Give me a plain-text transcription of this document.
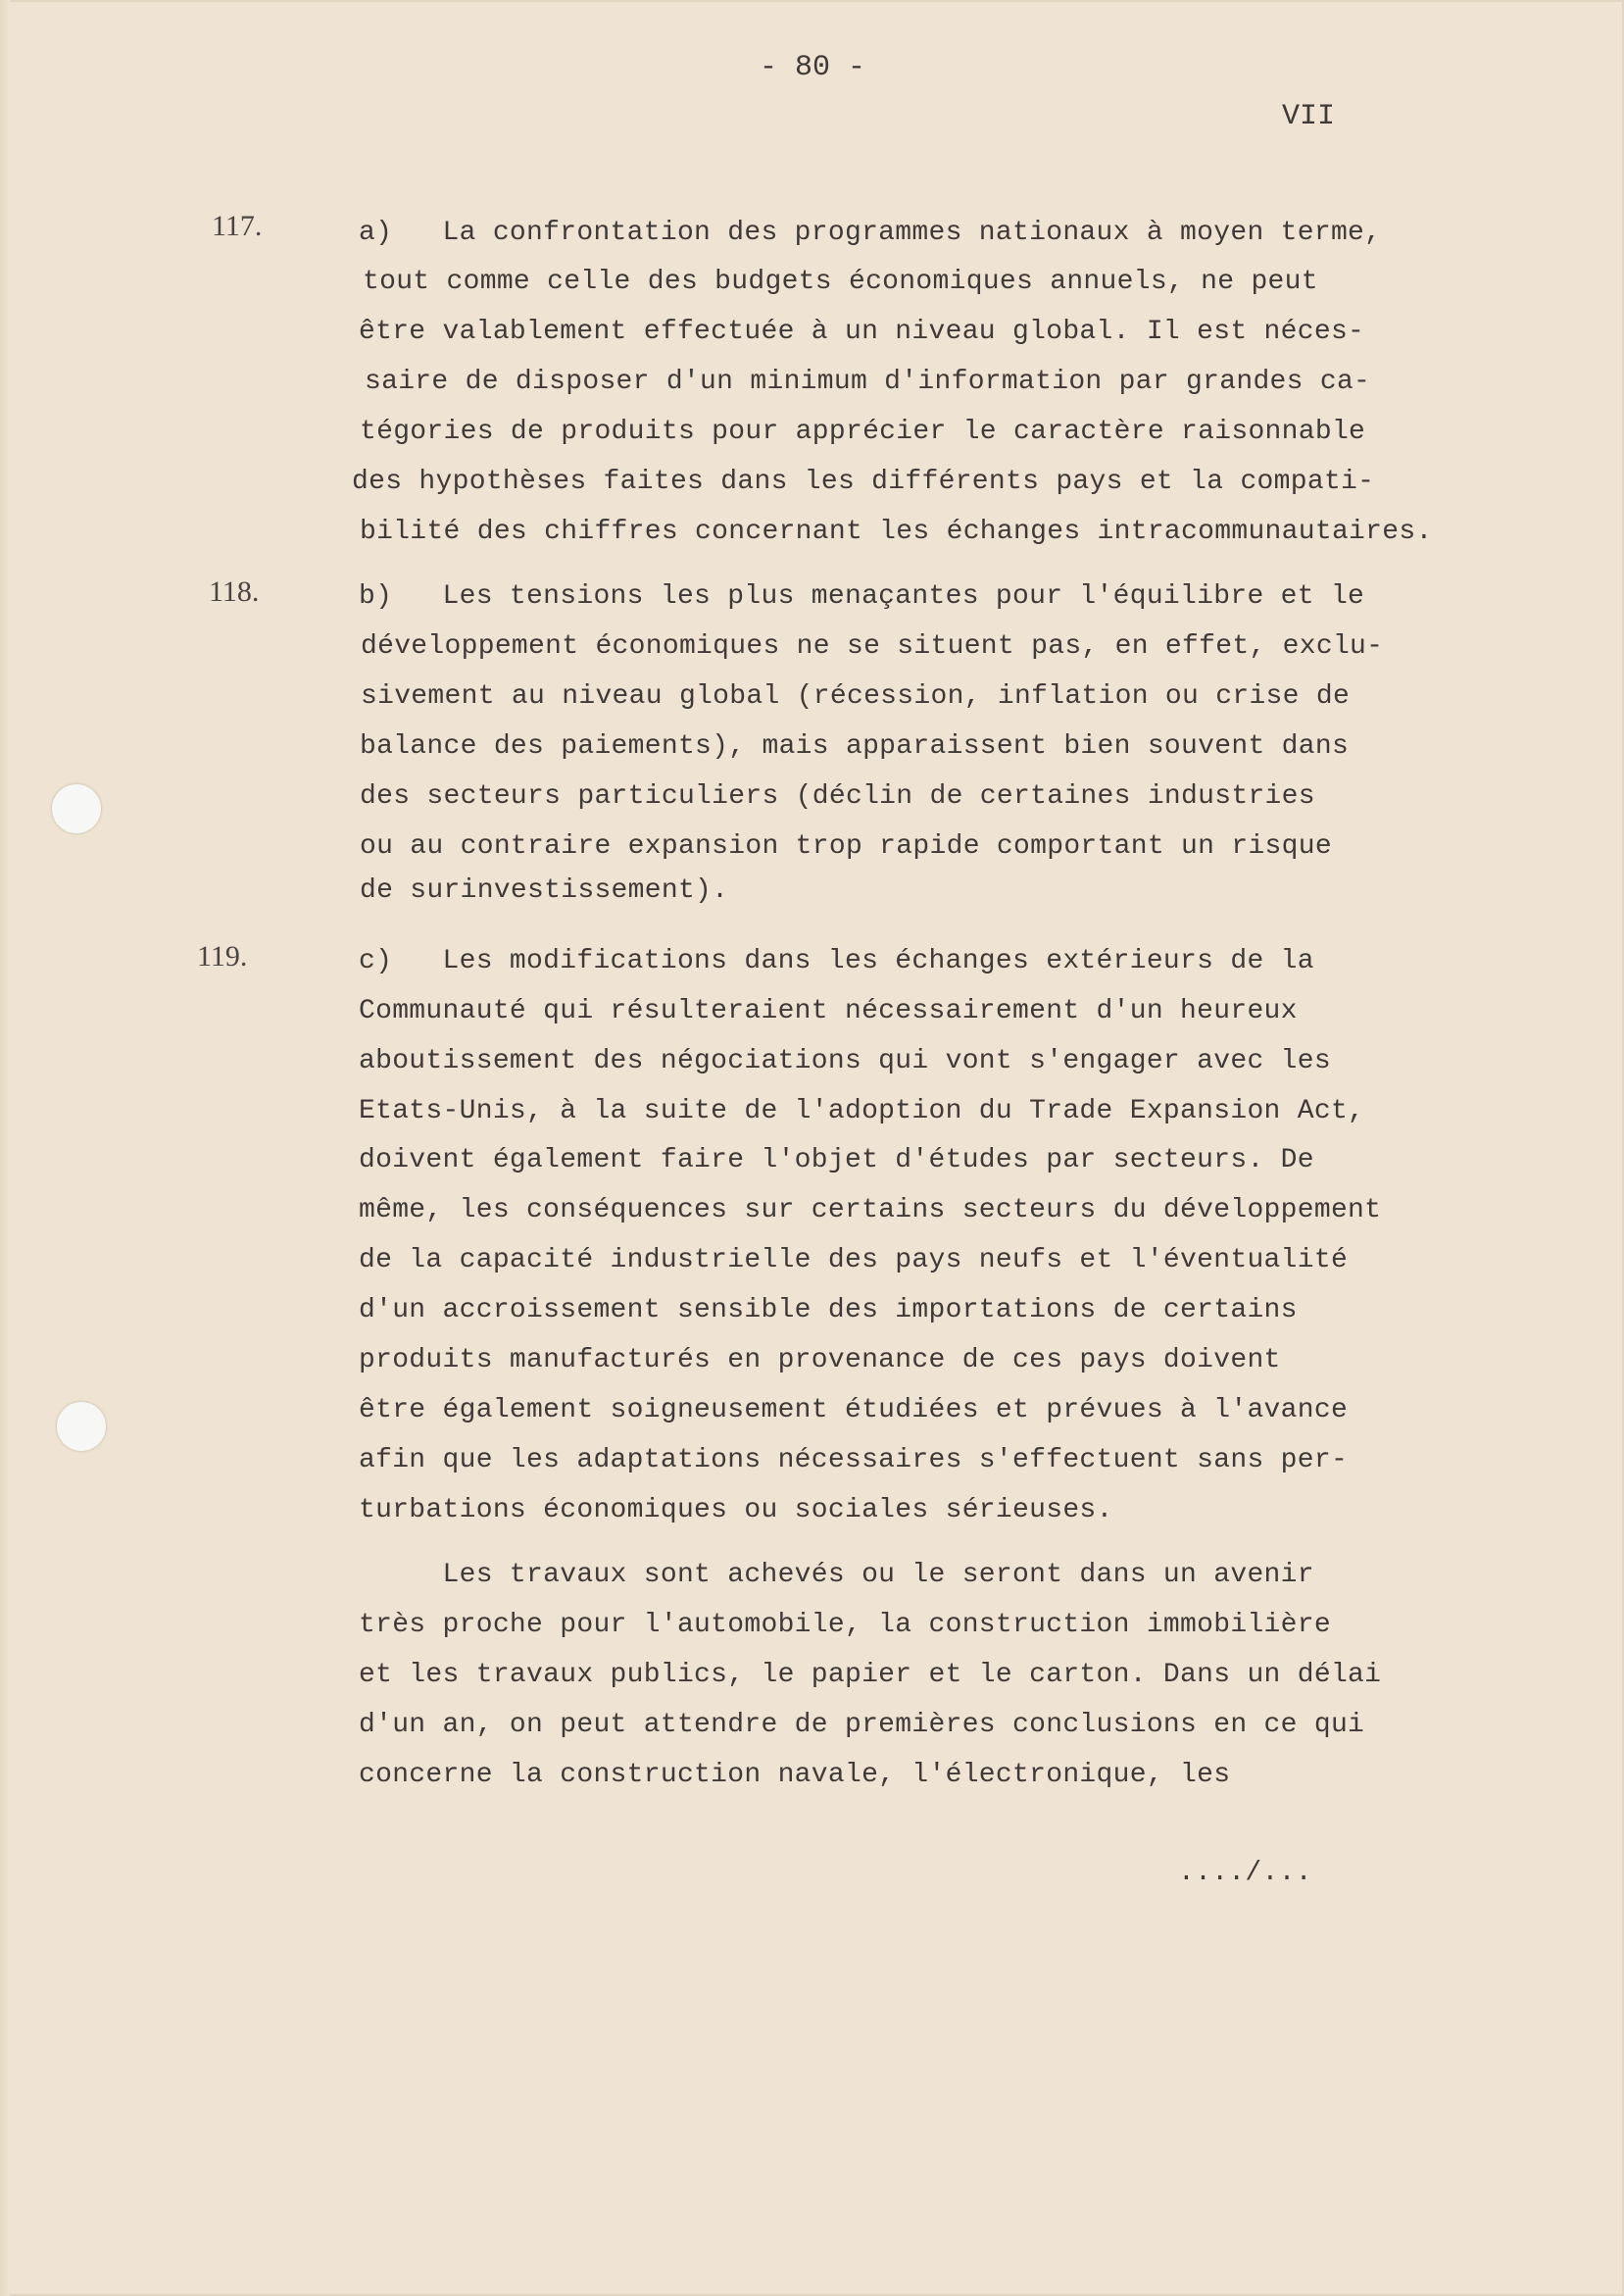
- 80 -
VII
117.	a)   La confrontation des programmes nationaux à moyen terme,
tout comme celle des budgets économiques annuels, ne peut
être valablement effectuée à un niveau global. Il est néces-
saire de disposer d'un minimum d'information par grandes ca-
tégories de produits pour apprécier le caractère raisonnable
des hypothèses faites dans les différents pays et la compati-
bilité des chiffres concernant les échanges intracommunautaires.
118.	b)   Les tensions les plus menaçantes pour l'équilibre et le
développement économiques ne se situent pas, en effet, exclu-
sivement au niveau global (récession, inflation ou crise de
balance des paiements), mais apparaissent bien souvent dans
des secteurs particuliers (déclin de certaines industries
ou au contraire expansion trop rapide comportant un risque
de surinvestissement).
119.	c)   Les modifications dans les échanges extérieurs de la
Communauté qui résulteraient nécessairement d'un heureux
aboutissement des négociations qui vont s'engager avec les
Etats-Unis, à la suite de l'adoption du Trade Expansion Act,
doivent également faire l'objet d'études par secteurs. De
même, les conséquences sur certains secteurs du développement
de la capacité industrielle des pays neufs et l'éventualité
d'un accroissement sensible des importations de certains
produits manufacturés en provenance de ces pays doivent
être également soigneusement étudiées et prévues à l'avance
afin que les adaptations nécessaires s'effectuent sans per-
turbations économiques ou sociales sérieuses.
Les travaux sont achevés ou le seront dans un avenir
très proche pour l'automobile, la construction immobilière
et les travaux publics, le papier et le carton. Dans un délai
d'un an, on peut attendre de premières conclusions en ce qui
concerne la construction navale, l'électronique, les
..../...
